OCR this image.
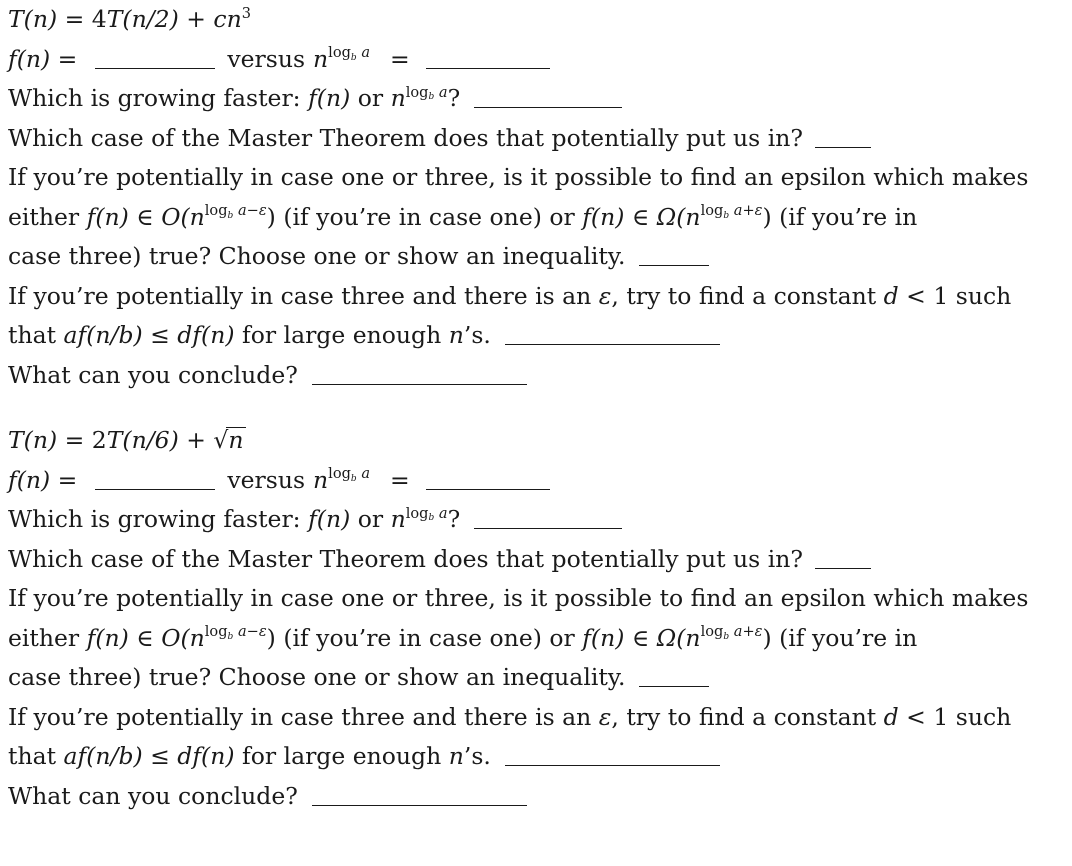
$T(n) = 4T(n/2) + cn^3$
f(n) =	versus $n^{log_b a}$ =
Which is growing faster: f(n) or $n^{log_b a}$?
Which case of the Master Theorem does that potentially put us in?
If you’re potentially in case one or three, is it possible to find an epsilon which makes
either f(n) ∈ $O(n^{log_b a-\varepsilon})$ (if you’re in case one) or f(n) ∈ $\Omega(n^{log_b a+\varepsilon})$ (if you’re in
case three) true? Choose one or show an inequality.
If you’re potentially in case three and there is an ε, try to find a constant d < 1 such
that af(n/b) ≤ df(n) for large enough n’s.
What can you conclude?
T(n) = 2T(n/6) + √n
f(n) =	versus $n^{log_b a}$ =
Which is growing faster: f(n) or $n^{log_b a}$?
Which case of the Master Theorem does that potentially put us in?
If you’re potentially in case one or three, is it possible to find an epsilon which makes
either f(n) ∈ $O(n^{log_b a-\varepsilon})$ (if you’re in case one) or f(n) ∈ $\Omega(n^{log_b a+\varepsilon})$ (if you’re in
case three) true? Choose one or show an inequality.
If you’re potentially in case three and there is an ε, try to find a constant d < 1 such
that af(n/b) ≤ df(n) for large enough n’s.
What can you conclude?
